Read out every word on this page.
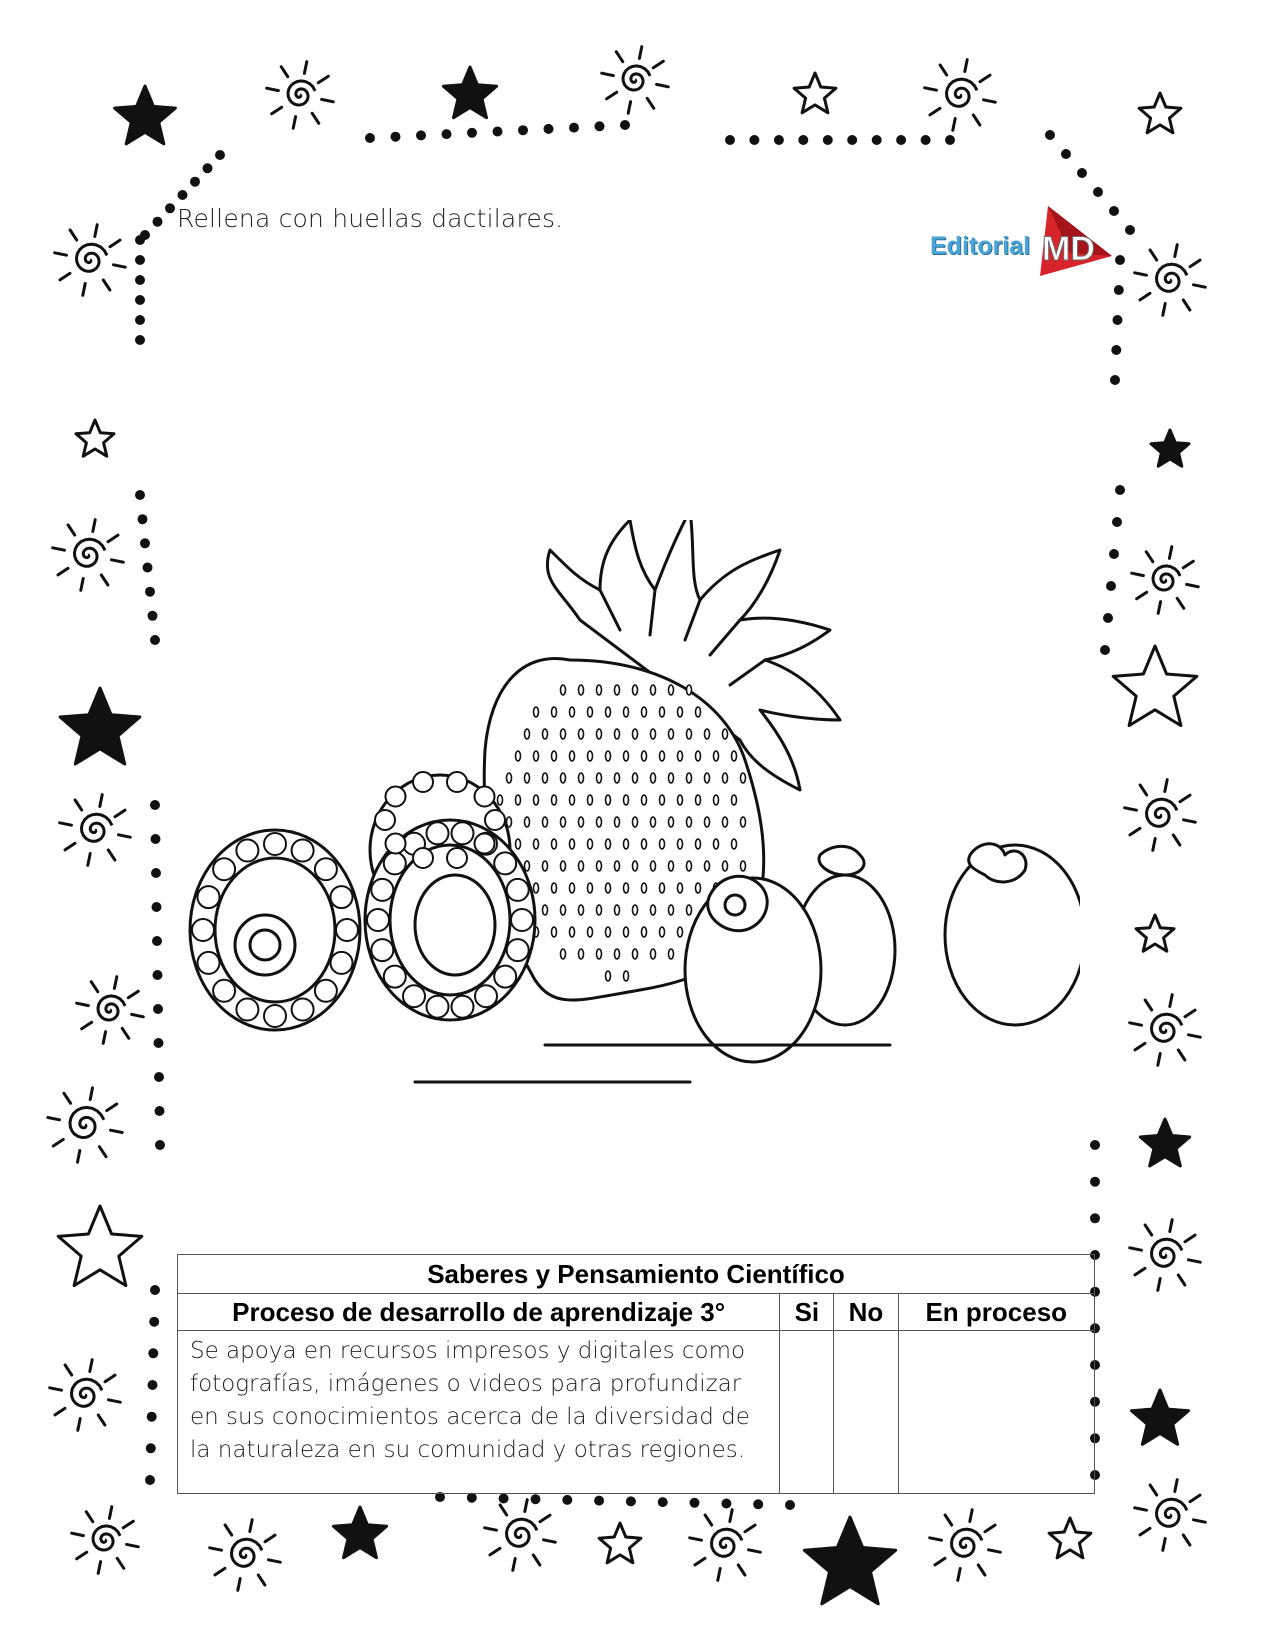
Rellena con huellas dactilares.
Editorial MD
Saberes y Pensamiento Científico			
Proceso de desarrollo de aprendizaje 3°	Si	No	En proceso
Se apoya en recursos impresos y digitales como fotografías, imágenes o videos para profundizar en sus conocimientos acerca de la diversidad de la naturaleza en su comunidad y otras regiones.			
